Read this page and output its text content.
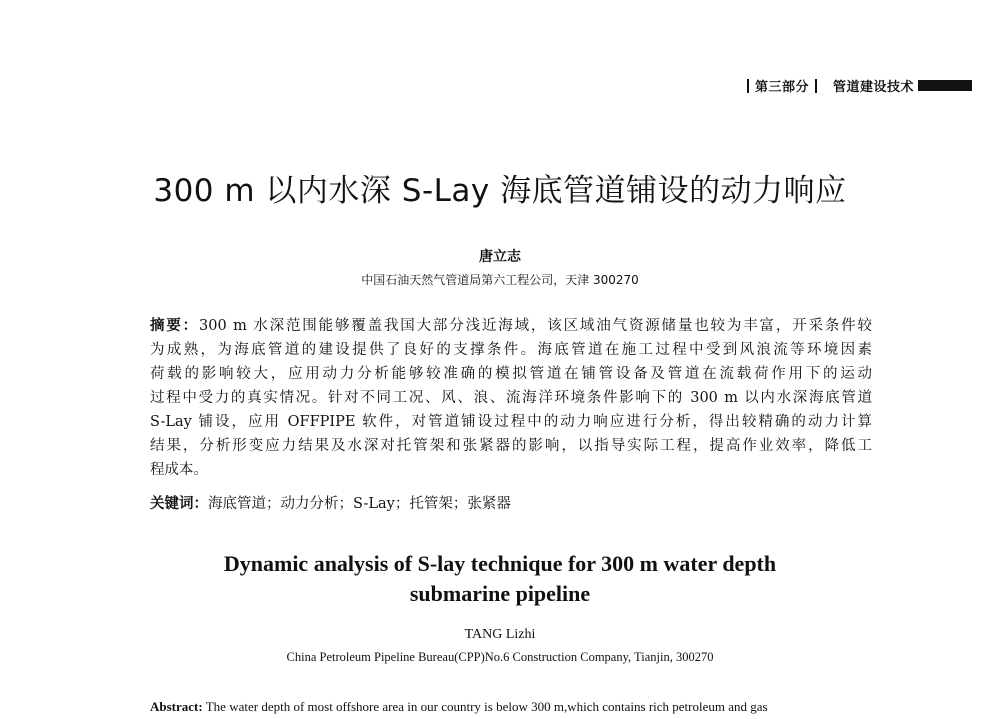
第三部分 管道建设技术
300 m 以内水深 S-Lay 海底管道铺设的动力响应
唐立志
中国石油天然气管道局第六工程公司，天津 300270
摘要：300 m 水深范围能够覆盖我国大部分浅近海域，该区域油气资源储量也较为丰富，开采条件较
为成熟，为海底管道的建设提供了良好的支撑条件。海底管道在施工过程中受到风浪流等环境因素
荷载的影响较大，应用动力分析能够较准确的模拟管道在铺管设备及管道在流载荷作用下的运动
过程中受力的真实情况。针对不同工况、风、浪、流海洋环境条件影响下的 300 m 以内水深海底管道
S-Lay 铺设，应用 OFFPIPE 软件，对管道铺设过程中的动力响应进行分析，得出较精确的动力计算
结果，分析形变应力结果及水深对托管架和张紧器的影响，以指导实际工程，提高作业效率，降低工
程成本。
关键词：海底管道；动力分析；S-Lay；托管架；张紧器
Dynamic analysis of S-lay technique for 300 m water depth
submarine pipeline
TANG Lizhi
China Petroleum Pipeline Bureau(CPP)No.6 Construction Company, Tianjin, 300270
Abstract: The water depth of most offshore area in our country is below 300 m,which contains rich petroleum and gas
